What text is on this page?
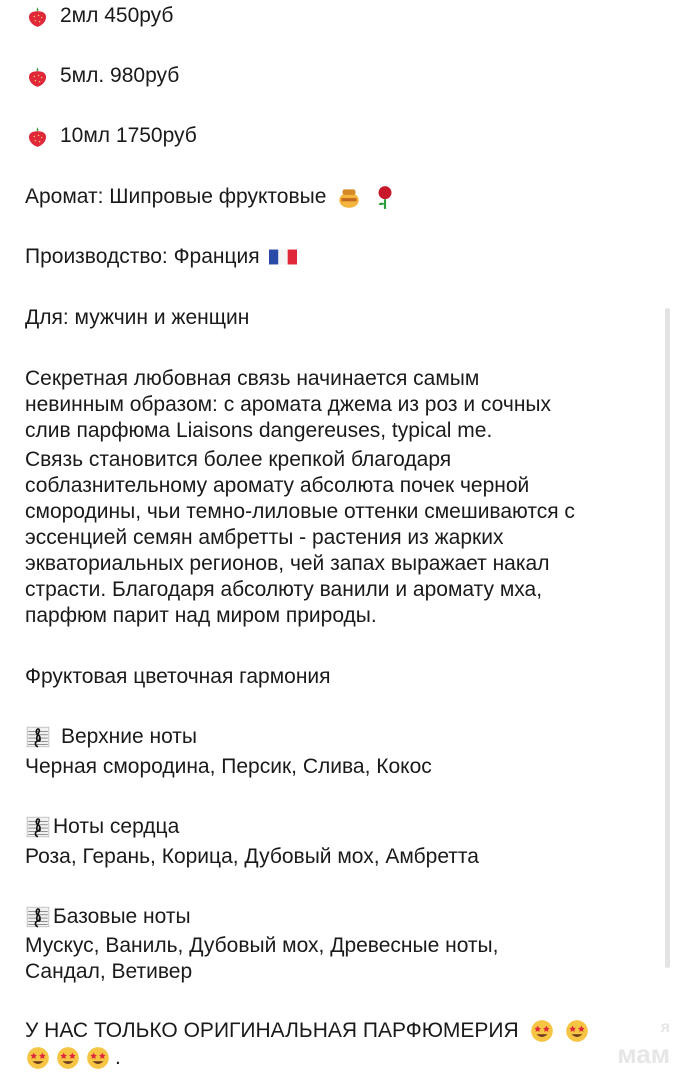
2мл 450руб
5мл. 980руб
10мл 1750руб
Аромат: Шипровые фруктовые
Производство: Франция
Для: мужчин и женщин
Секретная любовная связь начинается самым
невинным образом: с аромата джема из роз и сочных
слив парфюма Liaisons dangereuses, typical me.
Связь становится более крепкой благодаря
соблазнительному аромату абсолюта почек черной
смородины, чьи темно-лиловые оттенки смешиваются с
эссенцией семян амбретты - растения из жарких
экваториальных регионов, чей запах выражает накал
страсти. Благодаря абсолюту ванили и аромату мха,
парфюм парит над миром природы.
Фруктовая цветочная гармония
Верхние ноты
Черная смородина, Персик, Слива, Кокос
Ноты сердца
Роза, Герань, Корица, Дубовый мох, Амбретта
Базовые ноты
Мускус, Ваниль, Дубовый мох, Древесные ноты,
Сандал, Ветивер
У НАС ТОЛЬКО ОРИГИНАЛЬНАЯ ПАРФЮМЕРИЯ
.
я
мам
